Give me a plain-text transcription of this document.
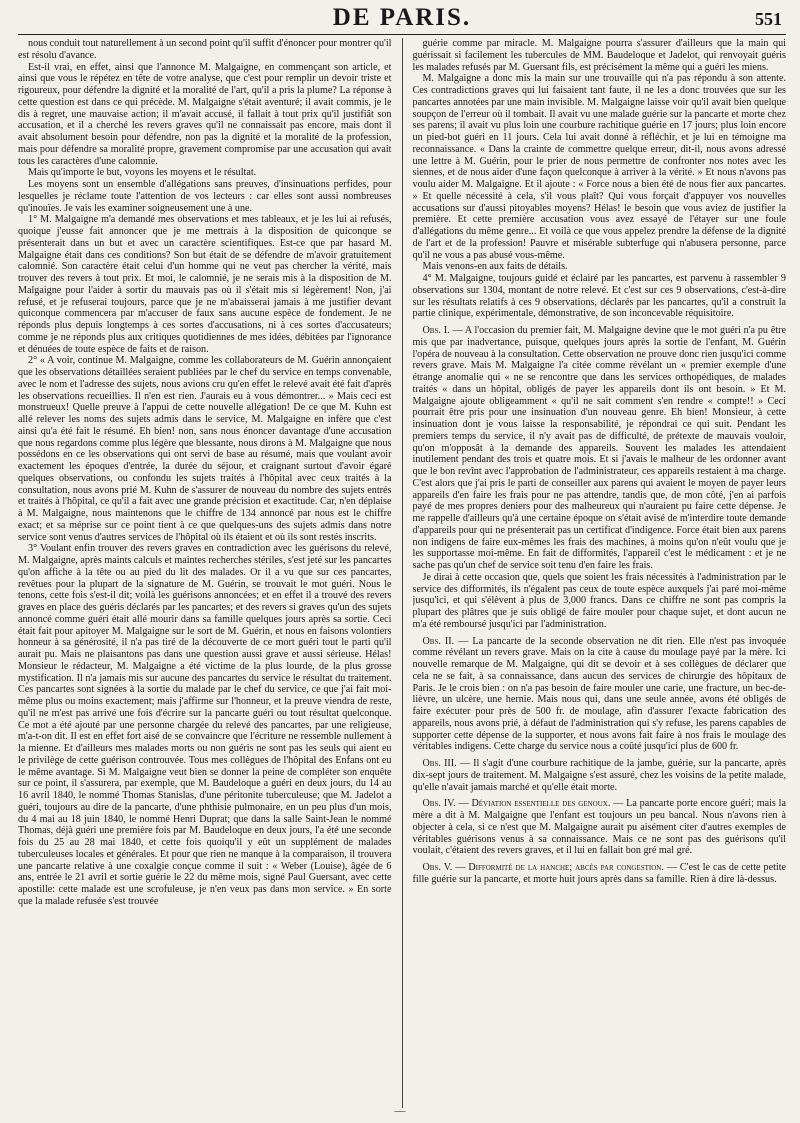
DE PARIS.	551

nous conduit tout naturellement à un second point qu'il suffit d'énoncer pour montrer qu'il est résolu d'avance.

Est-il vrai, en effet, ainsi que l'annonce M. Malgaigne, en commençant son article, et ainsi que vous le répétez en tête de votre analyse, que c'est pour remplir un devoir triste et rigoureux, pour défendre la dignité et la moralité de l'art, qu'il a pris la plume? La réponse à cette question est dans ce qui précède. M. Malgaigne s'était aventuré; il avait commis, je le dis à regret, une mauvaise action; il m'avait accusé, il fallait à tout prix qu'il justifiât son accusation, et il a cherché les revers graves qu'il ne connaissait pas encore, mais dont il avait absolument besoin pour défendre, non pas la dignité et la moralité de la profession, mais pour défendre sa moralité propre, gravement compromise par une accusation qui avait tous les caractères d'une calomnie.

Mais qu'importe le but, voyons les moyens et le résultat.

Les moyens sont un ensemble d'allégations sans preuves, d'insinuations perfides, pour lesquelles je réclame toute l'attention de vos lecteurs : car elles sont aussi nombreuses qu'inouïes. Je vais les examiner soigneusement une à une.

1° M. Malgaigne m'a demandé mes observations et mes tableaux, et je les lui ai refusés, quoique j'eusse fait annoncer que je me mettrais à la disposition de quiconque se présenterait dans un but et avec un caractère scientifiques. Est-ce que par hasard M. Malgaigne était dans ces conditions? Son but était de se défendre de m'avoir gratuitement calomnié. Son caractère était celui d'un homme qui ne veut pas chercher la vérité, mais trouver des revers à tout prix. Et moi, le calomnié, je ne serais mis à la disposition de M. Malgaigne pour l'aider à sortir du mauvais pas où il s'était mis si légèrement! Non, j'ai refusé, et je refuserai toujours, parce que je ne m'abaisserai jamais à me justifier devant quiconque commencera par m'accuser de faux sans aucune espèce de fondement. Je ne réponds plus depuis longtemps à ces sortes d'accusations, ni à ces sortes d'accusateurs; comme je ne réponds plus aux critiques quotidiennes de mes idées, débitées par l'ignorance et dénuées de toute espèce de faits et de raison.

2° « A voir, continue M. Malgaigne, comme les collaborateurs de M. Guérin annonçaient que les observations détaillées seraient publiées par le chef du service en temps convenable, avec le nom et l'adresse des sujets, nous avions cru qu'en effet le relevé avait été fait d'après les observations recueillies. Il n'en est rien. J'aurais eu à vous démontrer... » Mais ceci est monstrueux! Quelle preuve à l'appui de cette nouvelle allégation! De ce que M. Kuhn est allé relever les noms des sujets admis dans le service, M. Malgaigne en infère que c'est ainsi qu'a été fait le résumé. Eh bien! non, sans nous énoncer davantage d'une accusation que nous regardons comme plus légère que blessante, nous dirons à M. Malgaigne que nous possédons en ce les observations qui ont servi de base au résumé, mais que voulant avoir exactement les époques d'entrée, la durée du séjour, et craignant surtout d'avoir égaré quelques observations, ou confondu les sujets traités à l'hôpital avec ceux traités à la consultation, nous avons prié M. Kuhn de s'assurer de nouveau du nombre des sujets entrés et traités à l'hôpital, ce qu'il a fait avec une grande précision et exactitude. Car, n'en déplaise à M. Malgaigne, nous maintenons que le chiffre de 134 annoncé par nous est le chiffre exact; et sa méprise sur ce point tient à ce que quelques-uns des sujets admis dans notre service sont venus d'autres services de l'hôpital où ils étaient et où ils sont restés inscrits.

3° Voulant enfin trouver des revers graves en contradiction avec les guérisons du relevé, M. Malgaigne, après maints calculs et maintes recherches stériles, s'est jeté sur les pancartes qu'on affiche à la tête ou au pied du lit des malades. Or il a vu que sur ces pancartes, revêtues pour la plupart de la signature de M. Guérin, se trouvait le mot guéri. Nous le tenons, cette fois s'est-il dit; voilà les guérisons annoncées; et en effet il a trouvé des revers graves en place des guéris déclarés par les pancartes; et des revers si graves qu'un des sujets annoncé comme guéri était allé mourir dans sa famille quelques jours après sa sortie. Ceci était fait pour apitoyer M. Malgaigne sur le sort de M. Guérin, et nous en faisons volontiers honneur à sa générosité, il n'a pas tiré de la découverte de ce mort guéri tout le parti qu'il aurait pu. Mais ne plaisantons pas dans une question aussi grave et aussi sérieuse. Hélas! Monsieur le rédacteur, M. Malgaigne a été victime de la plus lourde, de la plus grosse mystification. Il n'a jamais mis sur aucune des pancartes du service le résultat du traitement. Ces pancartes sont signées à la sortie du malade par le chef du service, ce que j'ai fait moi-même plus ou moins exactement; mais j'affirme sur l'honneur, et la preuve viendra de reste, qu'il ne m'est pas arrivé une fois d'écrire sur la pancarte guéri ou tout résultat quelconque. Ce mot a été ajouté par une personne chargée du relevé des pancartes, par une religieuse, m'a-t-on dit. Il est en effet fort aisé de se convaincre que l'écriture ne ressemble nullement à la mienne. Et d'ailleurs mes malades morts ou non guéris ne sont pas les seuls qui aient eu le privilège de cette guérison controuvée. Tous mes collègues de l'hôpital des Enfans ont eu le même avantage. Si M. Malgaigne veut bien se donner la peine de compléter son enquête sur ce point, il s'assurera, par exemple, que M. Baudeloque a guéri en deux jours, du 14 au 16 avril 1840, le nommé Thomas Stanislas, d'une péritonite tuberculeuse; que M. Jadelot a guéri, toujours au dire de la pancarte, d'une phthisie pulmonaire, en un peu plus d'un mois, du 4 mai au 18 juin 1840, le nommé Henri Duprat; que dans la salle Saint-Jean le nommé Thomas, déjà guéri une première fois par M. Baudeloque en deux jours, l'a été une seconde fois du 25 au 28 mai 1840, et cette fois quoiqu'il y eût un supplément de malades tuberculeuses locales et générales. Et pour que rien ne manque à la comparaison, il trouvera une pancarte relative à une coxalgie conçue comme il suit : « Weber (Louise), âgée de 6 ans, entrée le 21 avril et sortie guérie le 22 du même mois, signé Paul Guersant, avec cette apostille: cette malade est une scrofuleuse, je n'en veux pas dans mon service. » En sorte que la malade refusée s'est trouvée

guérie comme par miracle. M. Malgaigne pourra s'assurer d'ailleurs que la main qui guérissait si facilement les tubercules de MM. Baudeloque et Jadelot, qui renvoyait guéris les malades refusés par M. Guersant fils, est précisément la même qui a guéri les miens.

M. Malgaigne a donc mis la main sur une trouvaille qui n'a pas répondu à son attente. Ces contradictions graves qui lui faisaient tant faute, il ne les a donc trouvées que sur les pancartes annotées par une main invisible. M. Malgaigne laisse voir qu'il avait bien quelque soupçon de l'erreur où il tombait. Il avait vu une malade guérie sur la pancarte et morte chez ses parens; il avait vu plus loin une courbure rachitique guérie en 17 jours; plus loin encore un pied-bot guéri en 11 jours. Cela lui avait donné à réfléchir, et je lui en témoigne ma reconnaissance. « Dans la crainte de commettre quelque erreur, dit-il, nous avons adressé une lettre à M. Guérin, pour le prier de nous permettre de confronter nos notes avec les siennes, et de nous aider d'une façon quelconque à arriver à la vérité. » Et nous n'avons pas voulu aider M. Malgaigne. Et il ajoute : « Force nous a bien été de nous fier aux pancartes. » Et quelle nécessité à cela, s'il vous plaît? Qui vous forçait d'appuyer vos nouvelles accusations sur d'aussi pitoyables moyens? Hélas! le besoin que vous aviez de justifier la première. Et cette première accusation vous avez essayé de l'étayer sur une foule d'allégations du même genre... Et voilà ce que vous appelez prendre la défense de la dignité de l'art et de la profession! Pauvre et misérable subterfuge qui n'abusera personne, parce qu'il ne vous a pas abusé vous-même.

Mais venons-en aux faits de détails.

4° M. Malgaigne, toujours guidé et éclairé par les pancartes, est parvenu à rassembler 9 observations sur 1304, montant de notre relevé. Et c'est sur ces 9 observations, c'est-à-dire sur les résultats relatifs à ces 9 observations, déclarés par les pancartes, qu'il a construit la partie clinique, expérimentale, démonstrative, de son inconcevable réquisitoire.

Obs. I. — A l'occasion du premier fait, M. Malgaigne devine que le mot guéri n'a pu être mis que par inadvertance, puisque, quelques jours après la sortie de l'enfant, M. Guérin l'opéra de nouveau à la consultation. Cette observation ne prouve donc rien jusqu'ici comme revers grave. Mais M. Malgaigne l'a citée comme révélant un « premier exemple d'une étrange anomalie qui « ne se rencontre que dans les services orthopédiques, de malades traités « dans un hôpital, obligés de payer les appareils dont ils ont besoin. » Et M. Malgaigne ajoute obligeamment « qu'il ne sait comment s'en rendre « compte!! » Ceci pourrait être pris pour une insinuation d'un nouveau genre. Eh bien! Monsieur, à cette insinuation dont je vous laisse la responsabilité, je répondrai ce qui suit. Pendant les premiers temps du service, il n'y avait pas de difficulté, de prétexte de mauvais vouloir, qu'on m'opposât à la demande des appareils. Souvent les malades les attendaient inutilement pendant des trois et quatre mois. Et si j'avais le malheur de les ordonner avant que le bon revînt avec l'approbation de l'administrateur, ces appareils restaient à ma charge. C'est alors que j'ai pris le parti de conseiller aux parens qui avaient le moyen de payer leurs appareils d'en faire les frais pour ne pas attendre, tandis que, de mon côté, j'en ai parfois payé de mes propres deniers pour des malheureux qui n'auraient pu faire cette dépense. Je me rappelle d'ailleurs qu'à une certaine époque on s'était avisé de m'interdire toute demande d'appareils pour qui ne présenterait pas un certificat d'indigence. Force était bien aux parens non indigens de faire eux-mêmes les frais des machines, à moins qu'on n'eût voulu que je les supportasse moi-même. En fait de difformités, l'appareil c'est le médicament : et je ne sache pas qu'un chef de service soit tenu d'en faire les frais.

Je dirai à cette occasion que, quels que soient les frais nécessités à l'administration par le service des difformités, ils n'égalent pas ceux de toute espèce auxquels j'ai paré moi-même jusqu'ici, et qui s'élèvent à plus de 3,000 francs. Dans ce chiffre ne sont pas compris la plupart des plâtres que je suis obligé de faire mouler pour chaque sujet, et dont aucun ne m'a été remboursé jusqu'ici par l'administration.

Obs. II. — La pancarte de la seconde observation ne dit rien. Elle n'est pas invoquée comme révélant un revers grave. Mais on la cite à cause du moulage payé par la mère. Ici nouvelle remarque de M. Malgaigne, qui dit se devoir et à ses collègues de déclarer que cela ne se fait, à sa connaissance, dans aucun des services de chirurgie des hôpitaux de Paris. Je le crois bien : on n'a pas besoin de faire mouler une carie, une fracture, un bec-de-lièvre, un ulcère, une hernie. Mais nous qui, dans une seule année, avons été obligés de faire exécuter pour près de 500 fr. de moulage, afin d'assurer l'exacte fabrication des appareils, nous avons prié, à défaut de l'administration qui s'y refuse, les parens capables de supporter cette dépense de la supporter, et nous avons fait faire à nos frais le moulage des véritables indigens. Cette charge du service nous a coûté jusqu'ici plus de 600 fr.

Obs. III. — Il s'agit d'une courbure rachitique de la jambe, guérie, sur la pancarte, après dix-sept jours de traitement. M. Malgaigne s'est assuré, chez les voisins de la petite malade, qu'elle n'avait jamais marché et qu'elle était morte.

Obs. IV. — Déviation essentielle des genoux. — La pancarte porte encore guéri; mais la mère a dit à M. Malgaigne que l'enfant est toujours un peu bancal. Nous n'avons rien à objecter à cela, si ce n'est que M. Malgaigne aurait pu aisément citer d'autres exemples de véritables guérisons venus à sa connaissance. Mais ce ne sont pas des guérisons qu'il voulait, c'étaient des revers graves, et il lui en fallait bon gré mal gré.

Obs. V. — Difformité de la hanche; abcès par congestion. — C'est le cas de cette petite fille guérie sur la pancarte, et morte huit jours après dans sa famille. Rien à dire là-dessus.

—
